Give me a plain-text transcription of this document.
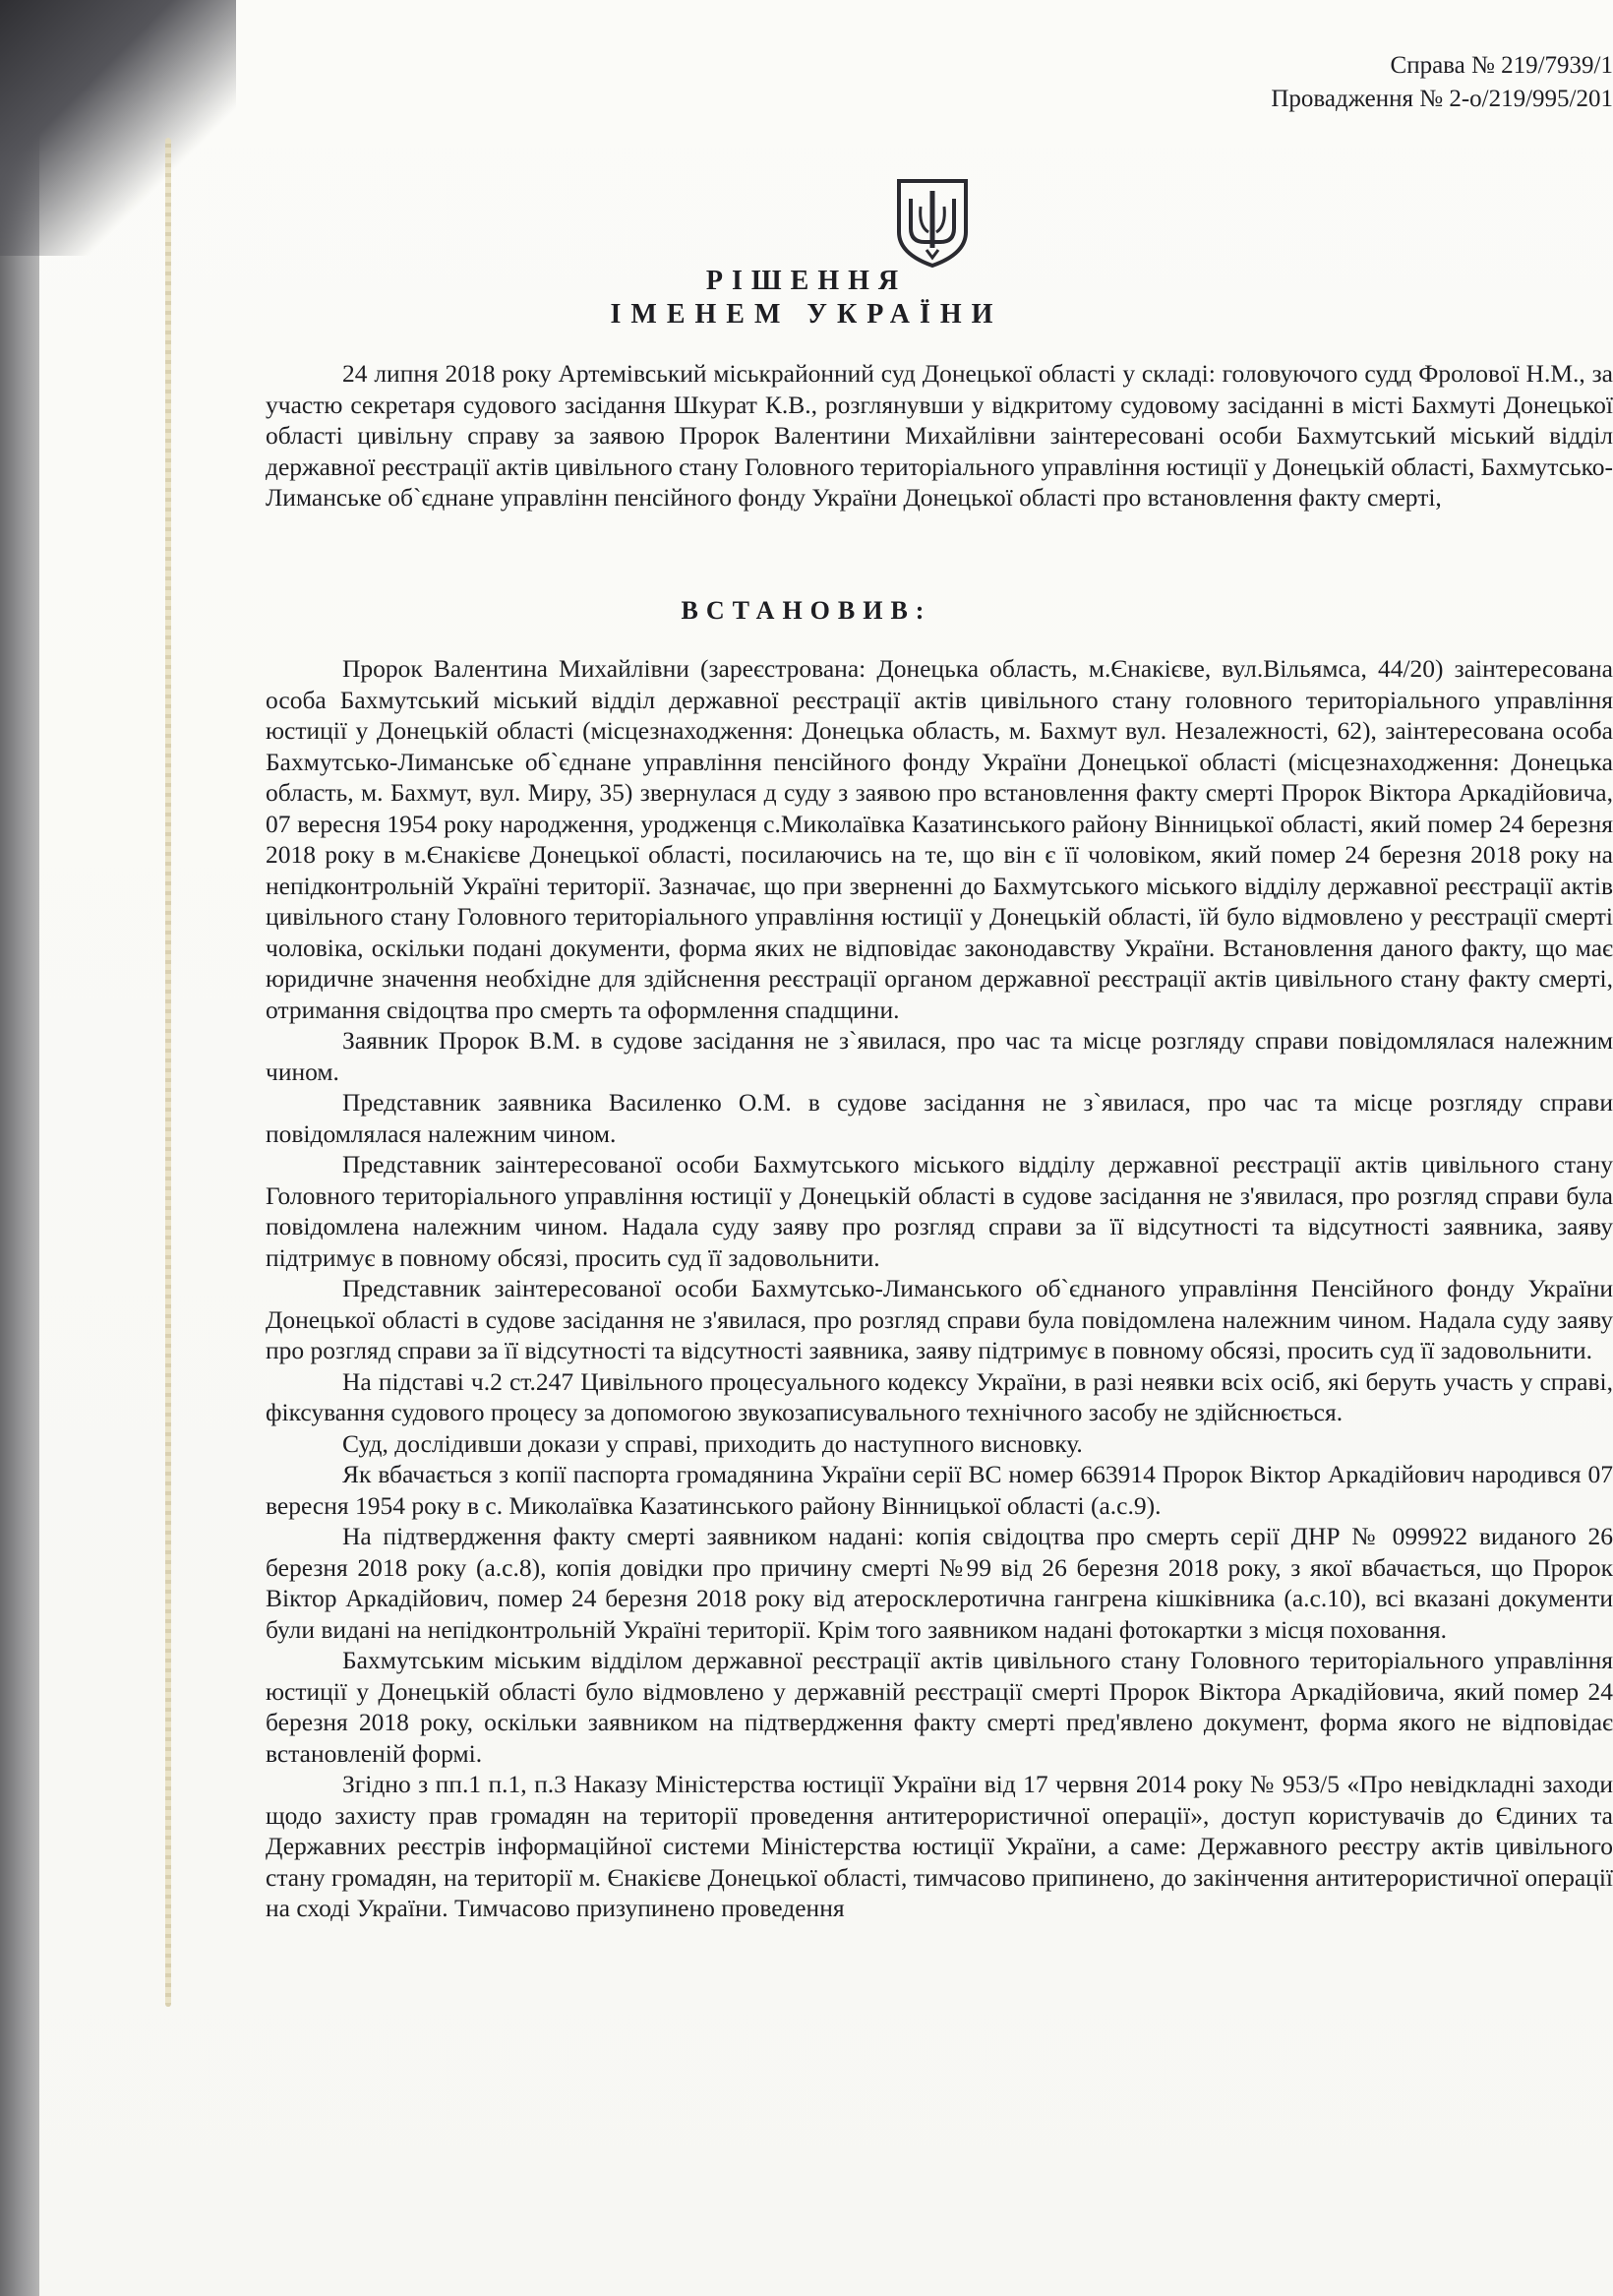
Справа № 219/7939/1
Провадження № 2-о/219/995/201
РІШЕННЯ
ІМЕНЕМ УКРАЇНИ

24 липня 2018 року Артемівський міськрайонний суд Донецької області у складі: головуючого судд Фролової Н.М., за участю секретаря судового засідання Шкурат К.В., розглянувши у відкритому судовому засіданні в місті Бахмуті Донецької області цивільну справу за заявою Пророк Валентини Михайлівни заінтересовані особи Бахмутський міський відділ державної реєстрації актів цивільного стану Головного територіального управління юстиції у Донецькій області, Бахмутсько-Лиманське об`єднане управлінн пенсійного фонду України Донецької області про встановлення факту смерті,

ВСТАНОВИВ:

Пророк Валентина Михайлівни (зареєстрована: Донецька область, м.Єнакієве, вул.Вільямса, 44/20) заінтересована особа Бахмутський міський відділ державної реєстрації актів цивільного стану головного територіального управління юстиції у Донецькій області (місцезнаходження: Донецька область, м. Бахмут вул. Незалежності, 62), заінтересована особа Бахмутсько-Лиманське об`єднане управління пенсійного фонду України Донецької області (місцезнаходження: Донецька область, м. Бахмут, вул. Миру, 35) звернулася д суду з заявою про встановлення факту смерті Пророк Віктора Аркадійовича, 07 вересня 1954 року народження, уродженця с.Миколаївка Казатинського району Вінницької області, який помер 24 березня 2018 року в м.Єнакієве Донецької області, посилаючись на те, що він є її чоловіком, який помер 24 березня 2018 року на непідконтрольній Україні території. Зазначає, що при зверненні до Бахмутського міського відділу державної реєстрації актів цивільного стану Головного територіального управління юстиції у Донецькій області, їй було відмовлено у реєстрації смерті чоловіка, оскільки подані документи, форма яких не відповідає законодавству України. Встановлення даного факту, що має юридичне значення необхідне для здійснення реєстрації органом державної реєстрації актів цивільного стану факту смерті, отримання свідоцтва про смерть та оформлення спадщини.

Заявник Пророк В.М. в судове засідання не з`явилася, про час та місце розгляду справи повідомлялася належним чином.

Представник заявника Василенко О.М. в судове засідання не з`явилася, про час та місце розгляду справи повідомлялася належним чином.

Представник заінтересованої особи Бахмутського міського відділу державної реєстрації актів цивільного стану Головного територіального управління юстиції у Донецькій області в судове засідання не з'явилася, про розгляд справи була повідомлена належним чином. Надала суду заяву про розгляд справи за її відсутності та відсутності заявника, заяву підтримує в повному обсязі, просить суд її задовольнити.

Представник заінтересованої особи Бахмутсько-Лиманського об`єднаного управління Пенсійного фонду України Донецької області в судове засідання не з'явилася, про розгляд справи була повідомлена належним чином. Надала суду заяву про розгляд справи за її відсутності та відсутності заявника, заяву підтримує в повному обсязі, просить суд її задовольнити.

На підставі ч.2 ст.247 Цивільного процесуального кодексу України, в разі неявки всіх осіб, які беруть участь у справі, фіксування судового процесу за допомогою звукозаписувального технічного засобу не здійснюється.

Суд, дослідивши докази у справі, приходить до наступного висновку.

Як вбачається з копії паспорта громадянина України серії ВС номер 663914 Пророк Віктор Аркадійович народився 07 вересня 1954 року в с. Миколаївка Казатинського району Вінницької області (а.с.9).

На підтвердження факту смерті заявником надані: копія свідоцтва про смерть серії ДНР № 099922 виданого 26 березня 2018 року (а.с.8), копія довідки про причину смерті №99 від 26 березня 2018 року, з якої вбачається, що Пророк Віктор Аркадійович, помер 24 березня 2018 року від атеросклеротична гангрена кішківника (а.с.10), всі вказані документи були видані на непідконтрольній Україні території. Крім того заявником надані фотокартки з місця поховання.

Бахмутським міським відділом державної реєстрації актів цивільного стану Головного територіального управління юстиції у Донецькій області було відмовлено у державній реєстрації смерті Пророк Віктора Аркадійовича, який помер 24 березня 2018 року, оскільки заявником на підтвердження факту смерті пред'явлено документ, форма якого не відповідає встановленій формі.

Згідно з пп.1 п.1, п.3 Наказу Міністерства юстиції України від 17 червня 2014 року № 953/5 «Про невідкладні заходи щодо захисту прав громадян на території проведення антитерористичної операції», доступ користувачів до Єдиних та Державних реєстрів інформаційної системи Міністерства юстиції України, а саме: Державного реєстру актів цивільного стану громадян, на території м. Єнакієве Донецької області, тимчасово припинено, до закінчення антитерористичної операції на сході України. Тимчасово призупинено проведення
